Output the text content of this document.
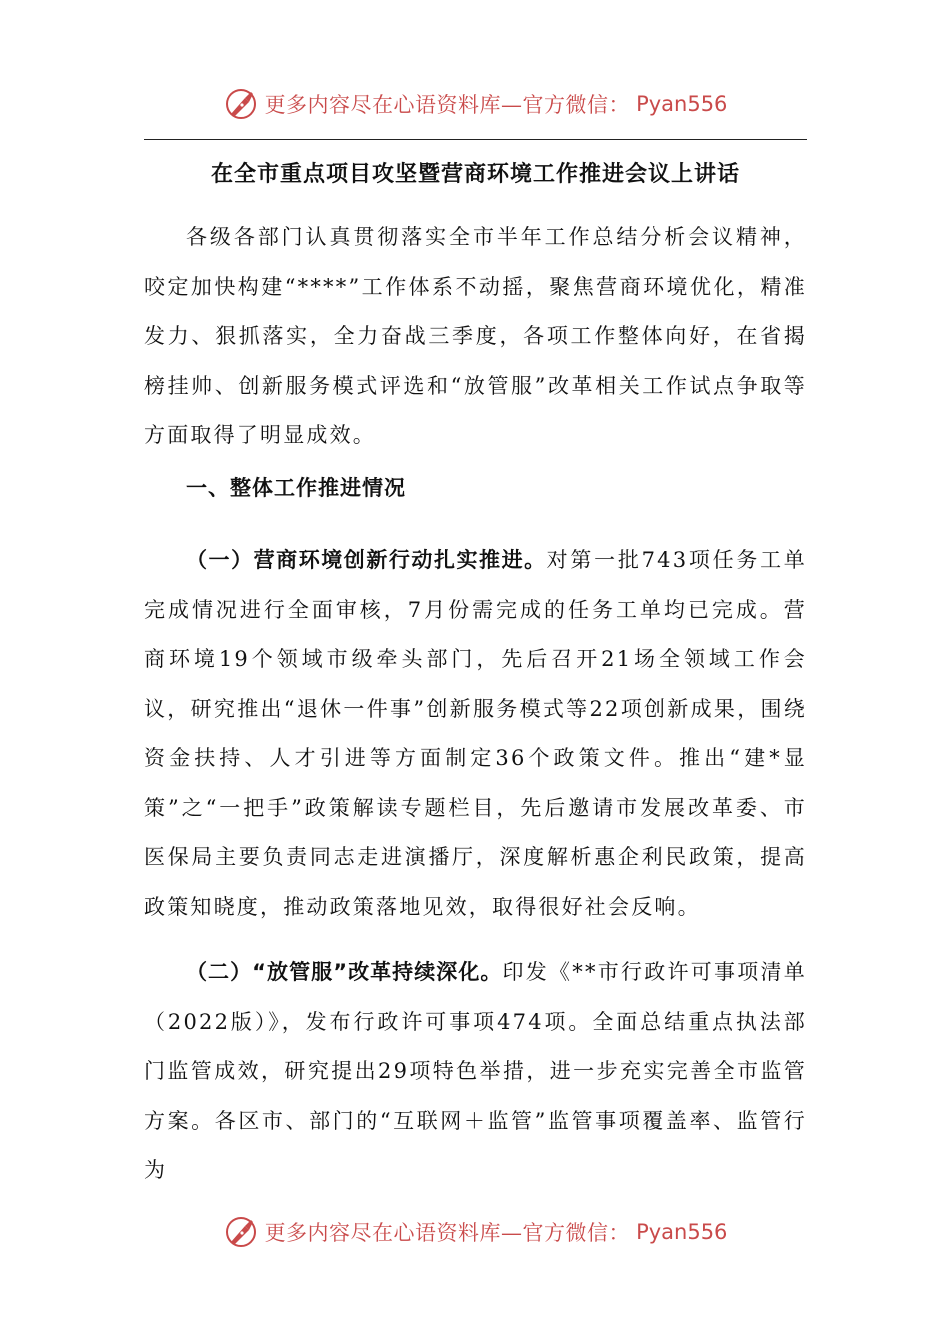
更多内容尽在心语资料库—官方微信： Pyan556
在全市重点项目攻坚暨营商环境工作推进会议上讲话

各级各部门认真贯彻落实全市半年工作总结分析会议精神，咬定加快构建“****”工作体系不动摇，聚焦营商环境优化，精准发力、狠抓落实，全力奋战三季度，各项工作整体向好，在省揭榜挂帅、创新服务模式评选和“放管服”改革相关工作试点争取等方面取得了明显成效。

一、整体工作推进情况

（一）营商环境创新行动扎实推进。对第一批743项任务工单完成情况进行全面审核，7月份需完成的任务工单均已完成。营商环境19个领域市级牵头部门，先后召开21场全领域工作会议，研究推出“退休一件事”创新服务模式等22项创新成果，围绕资金扶持、人才引进等方面制定36个政策文件。推出“建*显策”之“一把手”政策解读专题栏目，先后邀请市发展改革委、市医保局主要负责同志走进演播厅，深度解析惠企利民政策，提高政策知晓度，推动政策落地见效，取得很好社会反响。

（二）“放管服”改革持续深化。印发《**市行政许可事项清单（2022版）》，发布行政许可事项474项。全面总结重点执法部门监管成效，研究提出29项特色举措，进一步充实完善全市监管方案。各区市、部门的“互联网＋监管”监管事项覆盖率、监管行为

更多内容尽在心语资料库—官方微信： Pyan556
